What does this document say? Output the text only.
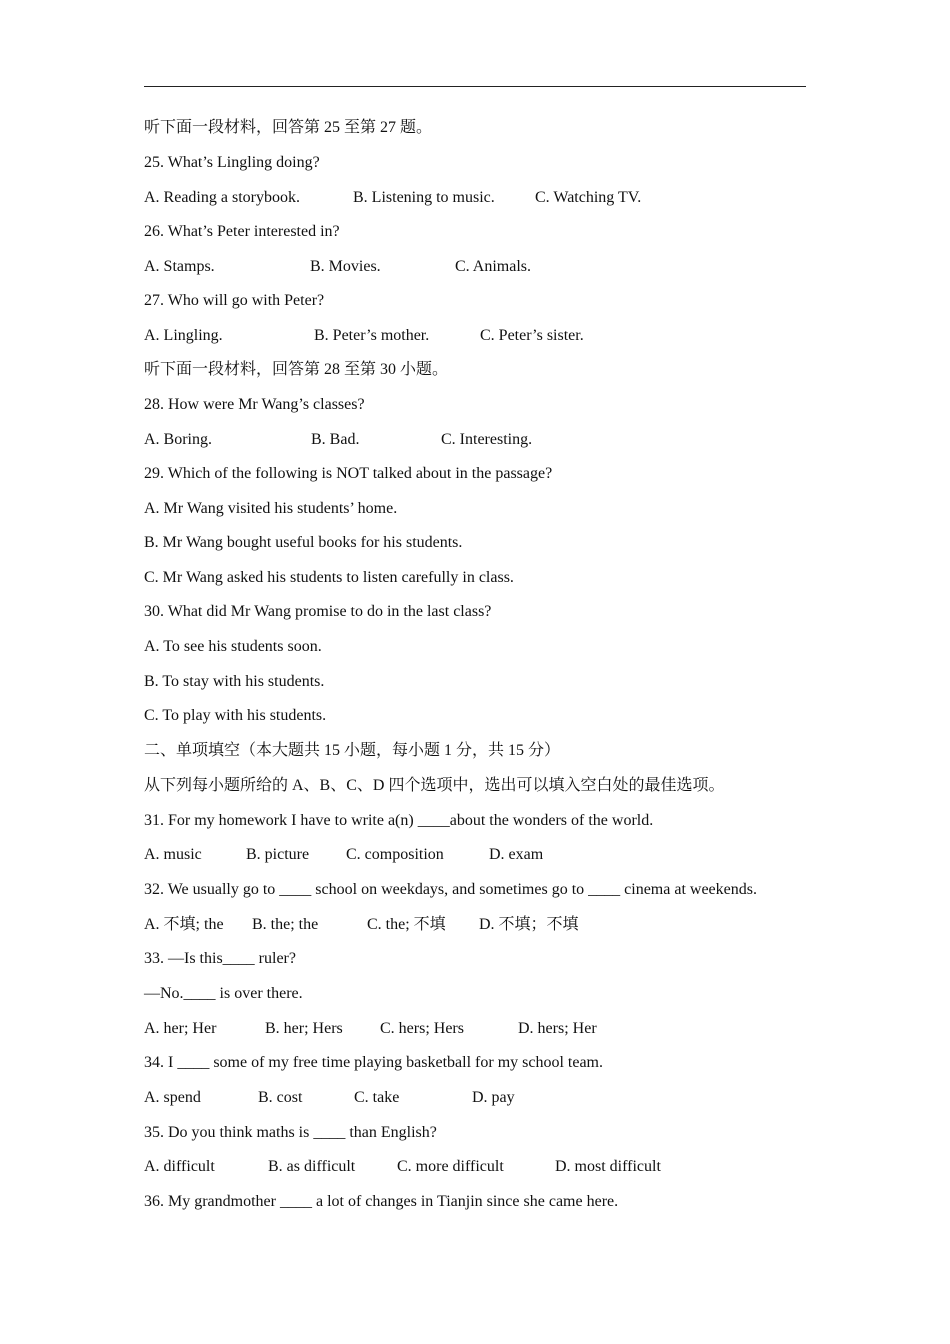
听下面一段材料，回答第 25 至第 27 题。
25. What’s Lingling doing?

A. Reading a storybook.

	B. Listening to music.

	C. Watching TV.

26. What’s Peter interested in?

A. Stamps.

	B. Movies.

	C. Animals.

27. Who will go with Peter?

A. Lingling.

	B. Peter’s mother.

	C. Peter’s sister.

听下面一段材料，回答第 28 至第 30 小题。
28. How were Mr Wang’s classes?

A. Boring.

	B. Bad.

	C. Interesting.

29. Which of the following is NOT talked about in the passage?
A. Mr Wang visited his students’ home.
B. Mr Wang bought useful books for his students.
C. Mr Wang asked his students to listen carefully in class.
30. What did Mr Wang promise to do in the last class?
A. To see his students soon.
B. To stay with his students.
C. To play with his students.
二、单项填空（本大题共 15 小题，每小题 1 分，共 15 分）
从下列每小题所给的 A、B、C、D 四个选项中，选出可以填入空白处的最佳选项。
31. For my homework I have to write a(n) ____about the wonders of the world.

A. music

	B. picture

C. composition

	D. exam

32. We usually go to ____ school on weekdays, and sometimes go to ____ cinema at weekends.

A. 不填; the

B. the; the

	C. the; 不填

D. 不填；不填

33. —Is this____ ruler?
—No.____ is over there.

A. her; Her

	B. her; Hers

C. hers; Hers

	D. hers; Her

34. I ____ some of my free time playing basketball for my school team.

A. spend

	B. cost

	C. take

	D. pay

35. Do you think maths is ____ than English?

A. difficult

	B. as difficult

	C. more difficult

	D. most difficult

36. My grandmother ____ a lot of changes in Tianjin since she came here.
